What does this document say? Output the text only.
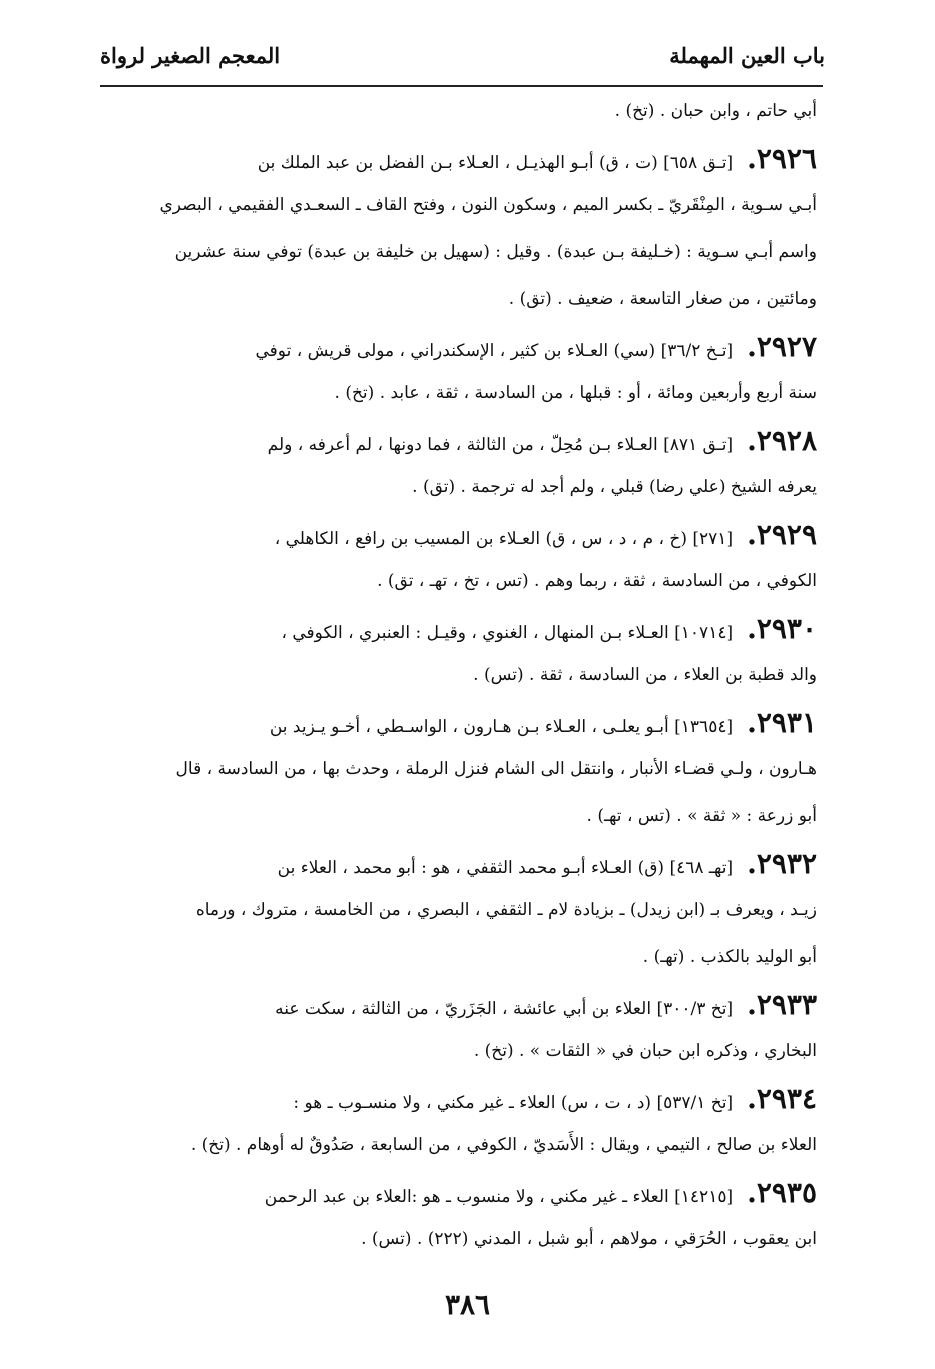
باب العين المهملة
المعجم الصغير لرواة
أبي حاتم ، وابن حبان . (تخ) .
٢٩٢٦.
[تـق ٦٥٨] (ت ، ق) أبـو الهذيـل ، العـلاء بـن الفضل بن عبد الملك بن
أبـي سـوية ، المِنْقَريّ ـ بكسر الميم ، وسكون النون ، وفتح القاف ـ السعـدي الفقيمي ، البصري
واسم أبـي سـوية : (خـليفة بـن عبدة) . وقيل : (سهيل بن خليفة بن عبدة) توفي سنة عشرين
ومائتين ، من صغار التاسعة ، ضعيف . (تق) .
٢٩٢٧.
[تـخ ٣٦/٢] (سي) العـلاء بن كثير ، الإسكندراني ، مولى قريش ، توفي
سنة أربع وأربعين ومائة ، أو : قبلها ، من السادسة ، ثقة ، عابد . (تخ) .
٢٩٢٨.
[تـق ٨٧١] العـلاء بـن مُحِلّ ، من الثالثة ، فما دونها ، لم أعرفه ، ولم
يعرفه الشيخ (علي رضا) قبلي ، ولم أجد له ترجمة . (تق) .
٢٩٢٩.
[٢٧١] (خ ، م ، د ، س ، ق) العـلاء بن المسيب بن رافع ، الكاهلي ،
الكوفي ، من السادسة ، ثقة ، ربما وهم . (تس ، تخ ، تهـ ، تق) .
٢٩٣٠.
[١٠٧١٤] العـلاء بـن المنهال ، الغنوي ، وقيـل : العنبري ، الكوفي ،
والد قطبة بن العلاء ، من السادسة ، ثقة . (تس) .
٢٩٣١.
[١٣٦٥٤] أبـو يعلـى ، العـلاء بـن هـارون ، الواسـطي ، أخـو يـزيد بن
هـارون ، ولـي قضـاء الأنبار ، وانتقل الى الشام فنزل الرملة ، وحدث بها ، من السادسة ، قال
أبو زرعة : « ثقة » . (تس ، تهـ) .
٢٩٣٢.
[تهـ ٤٦٨] (ق) العـلاء أبـو محمد الثقفي ، هو : أبو محمد ، العلاء بن
زيـد ، ويعرف بـ (ابن زيدل) ـ بزيادة لام ـ الثقفي ، البصري ، من الخامسة ، متروك ، ورماه
أبو الوليد بالكذب . (تهـ) .
٢٩٣٣.
[تخ ٣٠٠/٣] العلاء بن أبي عائشة ، الجَزَريّ ، من الثالثة ، سكت عنه
البخاري ، وذكره ابن حبان في « الثقات » . (تخ) .
٢٩٣٤.
[تخ ٥٣٧/١] (د ، ت ، س) العلاء ـ غير مكني ، ولا منسـوب ـ هو :
العلاء بن صالح ، التيمي ، ويقال : الأَسَديّ ، الكوفي ، من السابعة ، صَدُوقٌ له أوهام . (تخ) .
٢٩٣٥.
[١٤٢١٥] العلاء ـ غير مكني ، ولا منسوب ـ هو :العلاء بن عبد الرحمن
ابن يعقوب ، الحُرَقي ، مولاهم ، أبو شبل ، المدني (٢٢٢) . (تس) .
٣٨٦
